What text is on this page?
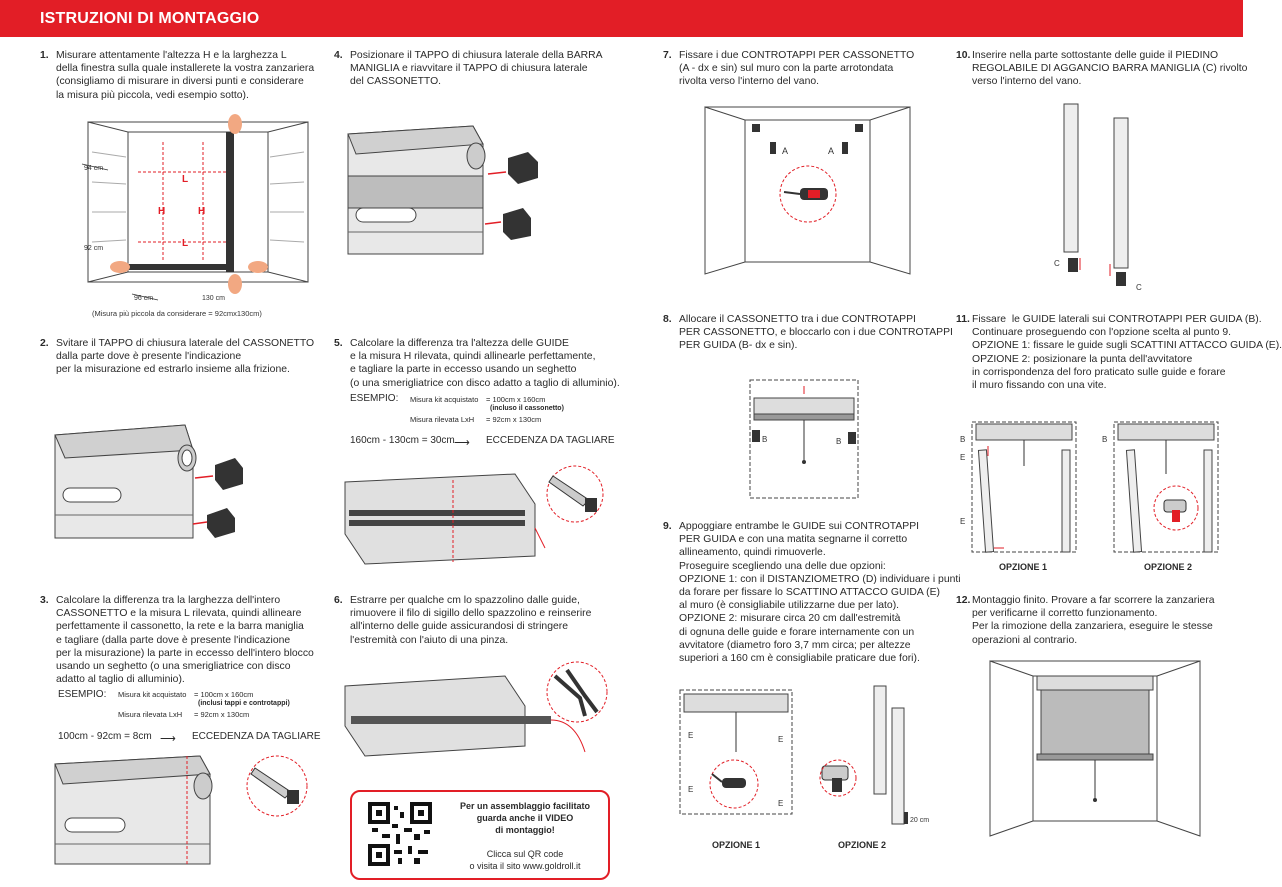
ISTRUZIONI DI MONTAGGIO
1. Misurare attentamente l'altezza H e la larghezza L
della finestra sulla quale installerete la vostra zanzariera
(consigliamo di misurare in diversi punti e considerare
la misura più piccola, vedi esempio sotto).
L
L
H	H
94 cm
92 cm
96 cm	130 cm
(Misura più piccola da considerare = 92cmx130cm)
2. Svitare il TAPPO di chiusura laterale del CASSONETTO
dalla parte dove è presente l'indicazione
per la misurazione ed estrarlo insieme alla frizione.
3. Calcolare la differenza tra la larghezza dell'intero
CASSONETTO e la misura L rilevata, quindi allineare
perfettamente il cassonetto, la rete e la barra maniglia
e tagliare (dalla parte dove è presente l'indicazione
per la misurazione) la parte in eccesso dell'intero blocco
usando un seghetto (o una smerigliatrice con disco
adatto al taglio di alluminio).
ESEMPIO: Misura kit acquistato = 100cm x 160cm
(inclusi tappi e controtappi)
Misura rilevata LxH = 92cm x 130cm
100cm - 92cm = 8cm ⟶ ECCEDENZA DA TAGLIARE
4. Posizionare il TAPPO di chiusura laterale della BARRA
MANIGLIA e riavvitare il TAPPO di chiusura laterale
del CASSONETTO.
5. Calcolare la differenza tra l'altezza delle GUIDE
e la misura H rilevata, quindi allinearle perfettamente,
e tagliare la parte in eccesso usando un seghetto
(o una smerigliatrice con disco adatto a taglio di alluminio).
ESEMPIO: Misura kit acquistato = 100cm x 160cm
(incluso il cassonetto)
Misura rilevata LxH = 92cm x 130cm
160cm - 130cm = 30cm ⟶ ECCEDENZA DA TAGLIARE
6. Estrarre per qualche cm lo spazzolino dalle guide,
rimuovere il filo di sigillo dello spazzolino e reinserire
all'interno delle guide assicurandosi di stringere
l'estremità con l'aiuto di una pinza.
Per un assemblaggio facilitato
guarda anche il VIDEO
di montaggio!
Clicca sul QR code
o visita il sito www.goldroll.it
7. Fissare i due CONTROTAPPI PER CASSONETTO
(A - dx e sin) sul muro con la parte arrotondata
rivolta verso l'interno del vano.
A	A
8. Allocare il CASSONETTO tra i due CONTROTAPPI
PER CASSONETTO, e bloccarlo con i due CONTROTAPPI
PER GUIDA (B- dx e sin).
B	B
9. Appoggiare entrambe le GUIDE sui CONTROTAPPI
PER GUIDA e con una matita segnarne il corretto
allineamento, quindi rimuoverle.
Proseguire scegliendo una delle due opzioni:
OPZIONE 1: con il DISTANZIOMETRO (D) individuare i punti
da forare per fissare lo SCATTINO ATTACCO GUIDA (E)
al muro (è consigliabile utilizzarne due per lato).
OPZIONE 2: misurare circa 20 cm dall'estremità
di ognuna delle guide e forare internamente con un
avvitatore (diametro foro 3,7 mm circa; per altezze
superiori a 160 cm è consigliabile praticare due fori).
E	E
E
E
OPZIONE 1
20 cm
OPZIONE 2
10. Inserire nella parte sottostante delle guide il PIEDINO
REGOLABILE DI AGGANCIO BARRA MANIGLIA (C) rivolto
verso l'interno del vano.
C
C
11. Fissare  le GUIDE laterali sui CONTROTAPPI PER GUIDA (B).
Continuare proseguendo con l'opzione scelta al punto 9.
OPZIONE 1: fissare le guide sugli SCATTINI ATTACCO GUIDA (E).
OPZIONE 2: posizionare la punta dell'avvitatore
in corrispondenza del foro praticato sulle guide e forare
il muro fissando con una vite.
B
E
E
OPZIONE 1
B
OPZIONE 2
12. Montaggio finito. Provare a far scorrere la zanzariera
per verificarne il corretto funzionamento.
Per la rimozione della zanzariera, eseguire le stesse
operazioni al contrario.
